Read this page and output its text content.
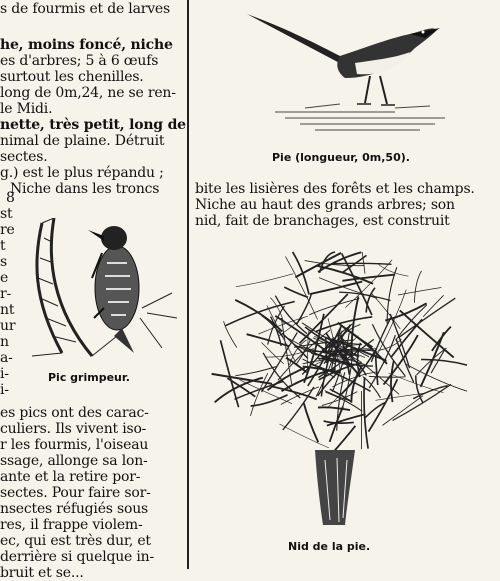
s de fourmis et de larves
he, moins foncé, niche
es d'arbres; 5 à 6 œufs
surtout les chenilles.
long de 0m,24, ne se ren-
le Midi.
nette, très petit, long de
nimal de plaine. Détruit
sectes.
g.) est le plus répandu ;
Niche dans les troncs
8
st
re
t
s
e
r-
nt
ur
n
a-
i-
i-
Pic grimpeur.
es pics ont des carac-
culiers. Ils vivent iso-
r les fourmis, l'oiseau
ssage, allonge sa lon-
ante et la retire por-
sectes. Pour faire sor-
nsectes réfugiés sous
res, il frappe violem-
ec, qui est très dur, et
derrière si quelque in-
bruit et se...
Pie (longueur, 0m,50).
bite les lisières des forêts et les champs.
Niche au haut des grands arbres; son
nid, fait de branchages, est construit
Nid de la pie.
